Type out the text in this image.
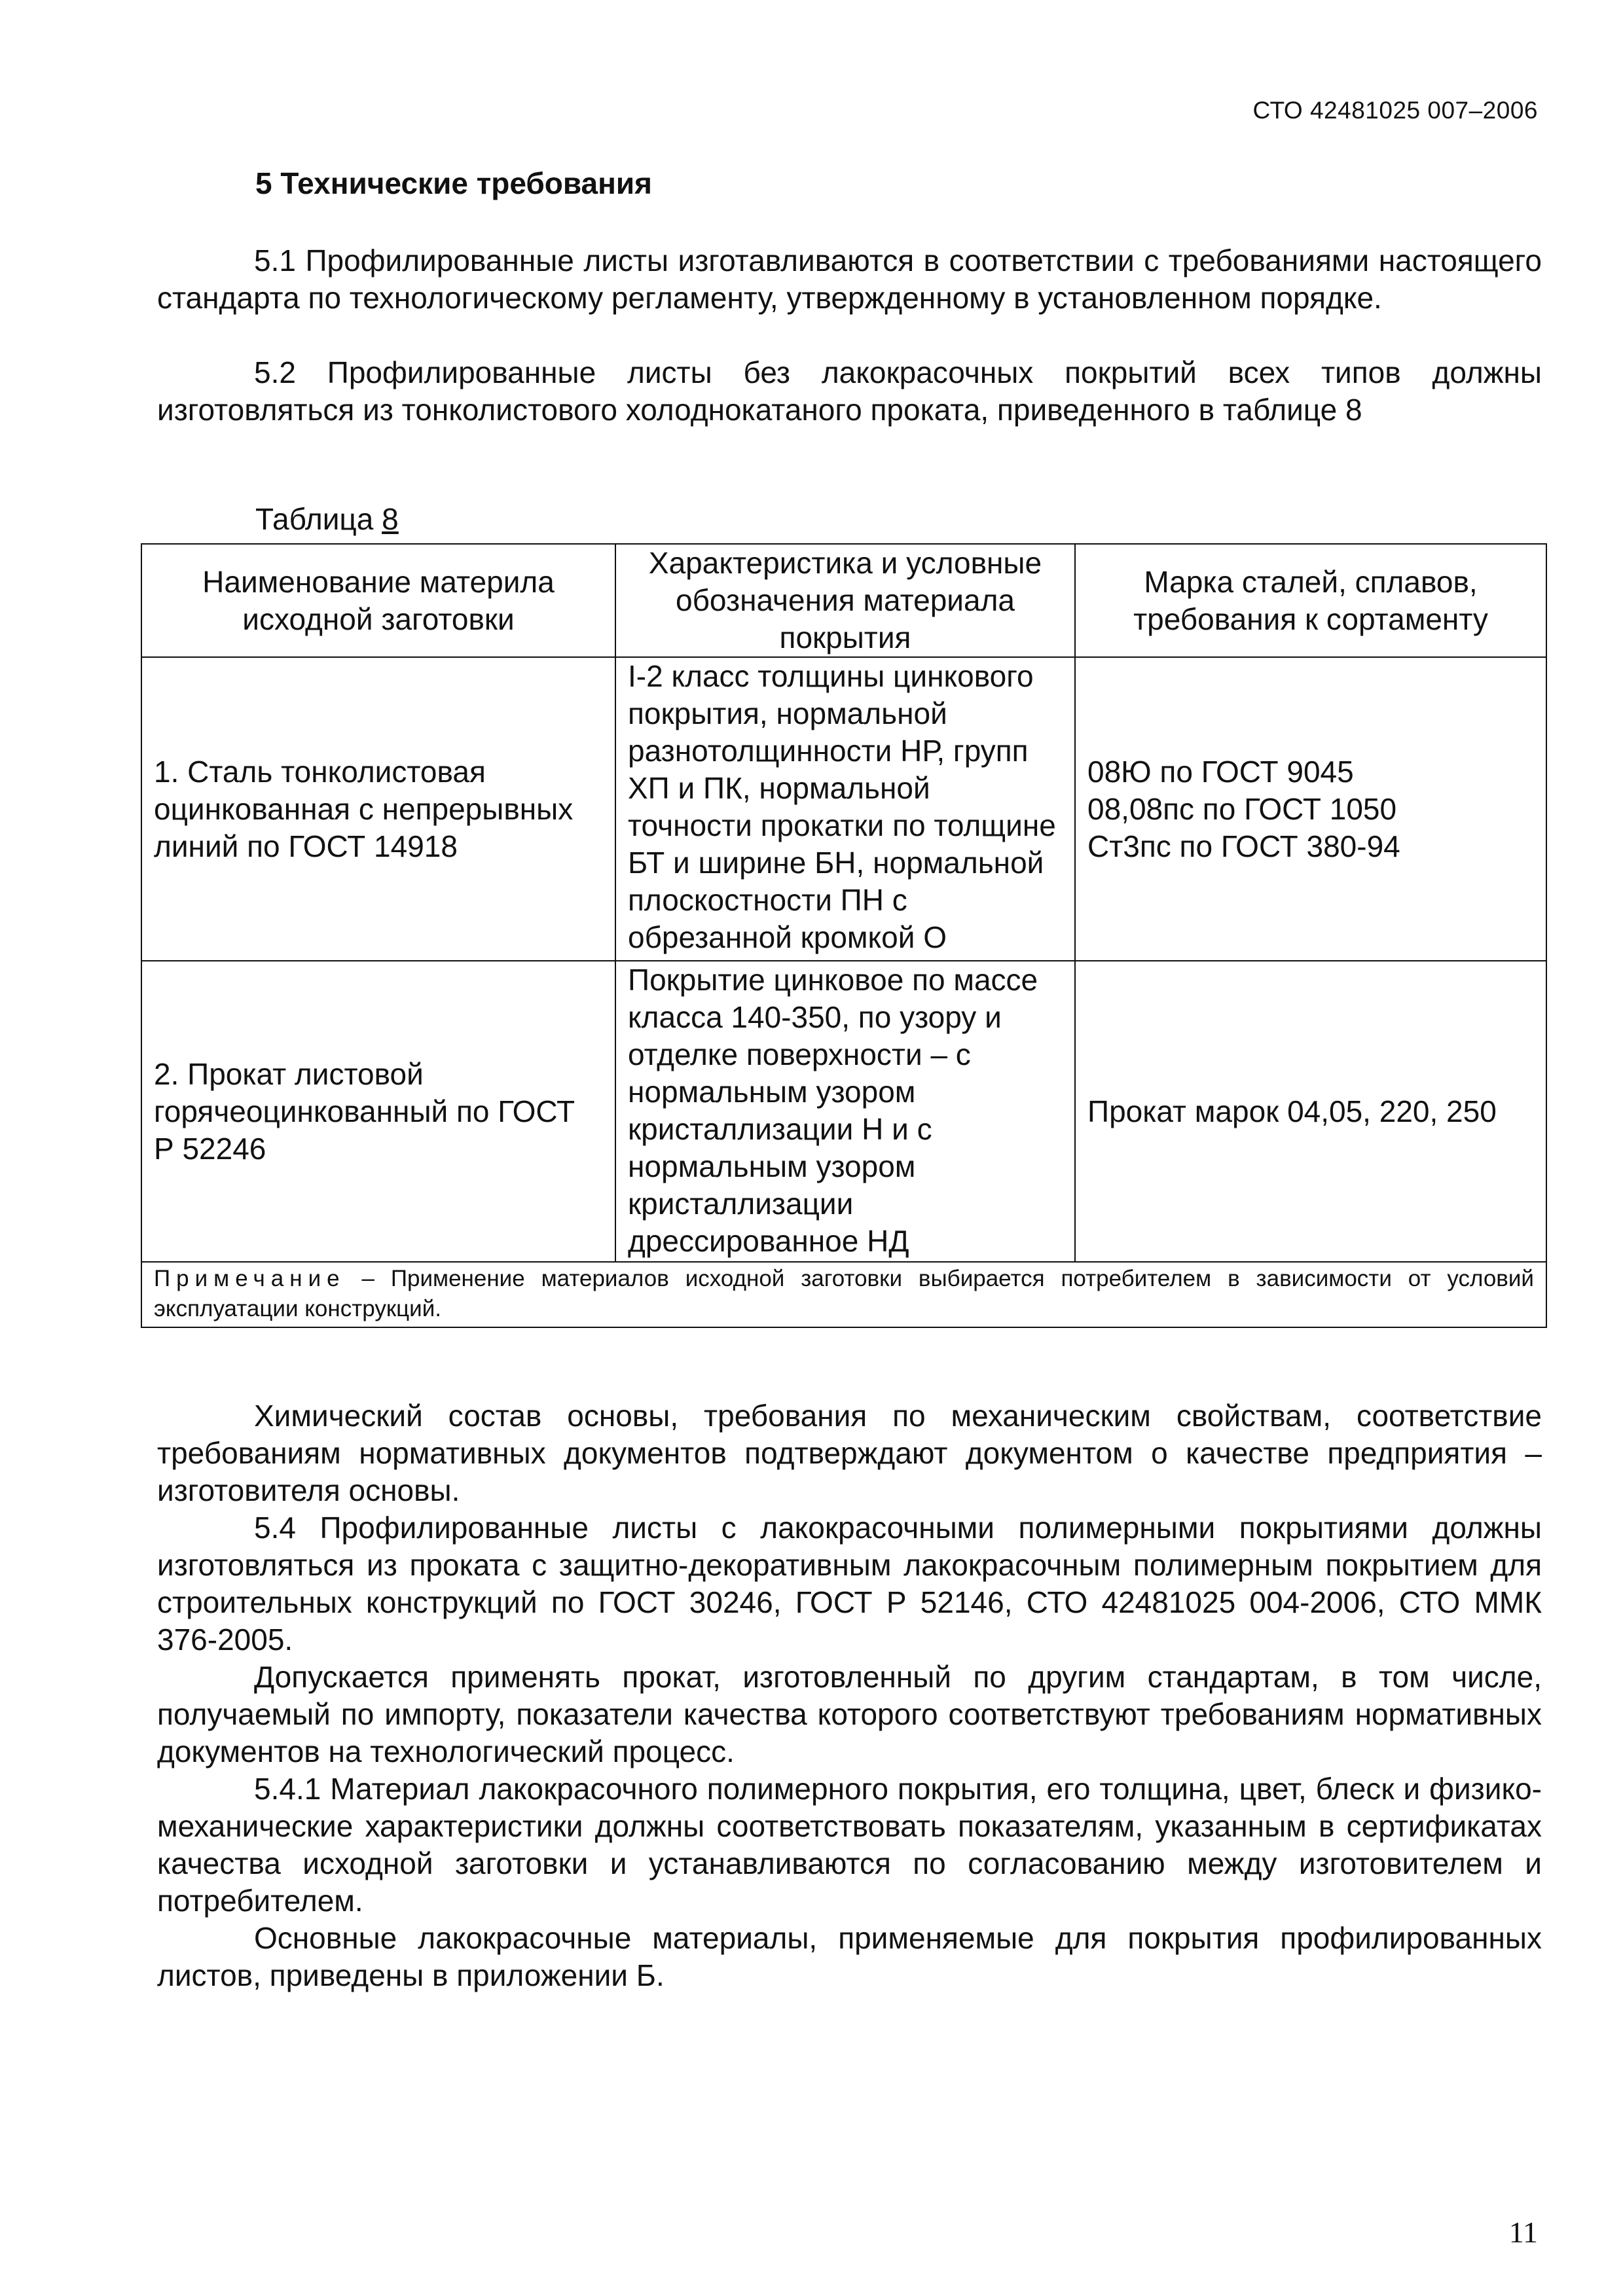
СТО 42481025 007–2006
5 Технические требования

5.1 Профилированные листы изготавливаются в соответствии с требованиями настоящего стандарта по технологическому регламенту, утвержденному в установленном порядке.

5.2 Профилированные листы без лакокрасочных покрытий всех типов должны изготовляться из тонколистового холоднокатаного проката, приведенного в таблице 8

Таблица 8
Наименование материла исходной заготовки	Характеристика и условные обозначения материала покрытия	Марка сталей, сплавов, требования к сортаменту
1. Сталь тонколистовая оцинкованная с непрерывных линий по ГОСТ 14918	I-2 класс толщины цинкового покрытия, нормальной разнотолщинности НР, групп ХП и ПК, нормальной точности прокатки по толщине БТ и ширине БН, нормальной плоскостности ПН с обрезанной кромкой О	08Ю по ГОСТ 9045
08,08пс по ГОСТ 1050
Ст3пс по ГОСТ 380-94

2. Прокат листовой горячеоцинкованный по ГОСТ Р 52246	Покрытие цинковое по массе класса 140-350, по узору и отделке поверхности – с нормальным узором кристаллизации Н и с нормальным узором кристаллизации дрессированное НД	Прокат марок 04,05, 220, 250

Примечание – Применение материалов исходной заготовки выбирается потребителем в зависимости от условий эксплуатации конструкций.		

Химический состав основы, требования по механическим свойствам, соответствие требованиям нормативных документов подтверждают документом о качестве предприятия – изготовителя основы.

5.4 Профилированные листы с лакокрасочными полимерными покрытиями должны изготовляться из проката с защитно-декоративным лакокрасочным полимерным покрытием для строительных конструкций по ГОСТ 30246, ГОСТ Р 52146, СТО 42481025 004-2006, СТО ММК 376-2005.

Допускается применять прокат, изготовленный по другим стандартам, в том числе, получаемый по импорту, показатели качества которого соответствуют требованиям нормативных документов на технологический процесс.

5.4.1 Материал лакокрасочного полимерного покрытия, его толщина, цвет, блеск и физико-механические характеристики должны соответствовать показателям, указанным в сертификатах качества исходной заготовки и устанавливаются по согласованию между изготовителем и потребителем.

Основные лакокрасочные материалы, применяемые для покрытия профилированных листов, приведены в приложении Б.

11
